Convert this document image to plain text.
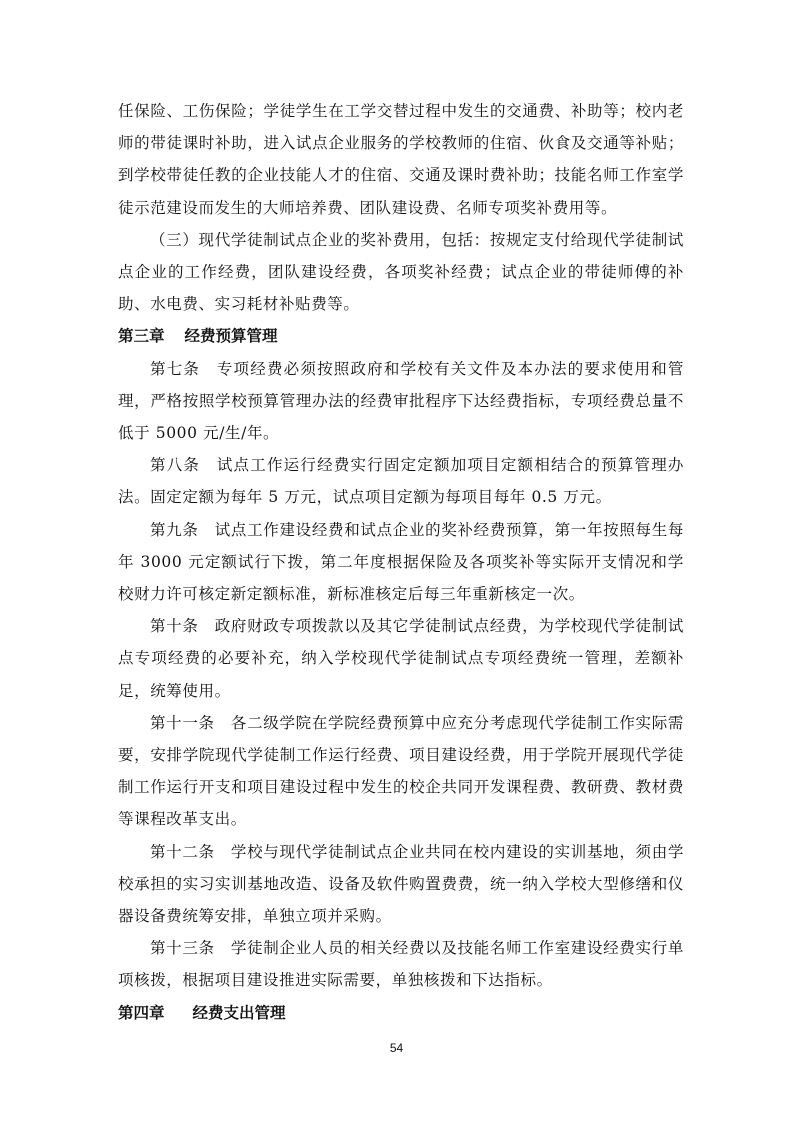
任保险、工伤保险；学徒学生在工学交替过程中发生的交通费、补助等；校内老师的带徒课时补助，进入试点企业服务的学校教师的住宿、伙食及交通等补贴；到学校带徒任教的企业技能人才的住宿、交通及课时费补助；技能名师工作室学徒示范建设而发生的大师培养费、团队建设费、名师专项奖补费用等。

（三）现代学徒制试点企业的奖补费用，包括：按规定支付给现代学徒制试点企业的工作经费，团队建设经费，各项奖补经费；试点企业的带徒师傅的补助、水电费、实习耗材补贴费等。

第三章 经费预算管理

第七条　专项经费必须按照政府和学校有关文件及本办法的要求使用和管理，严格按照学校预算管理办法的经费审批程序下达经费指标，专项经费总量不低于 5000 元/生/年。

第八条　试点工作运行经费实行固定定额加项目定额相结合的预算管理办法。固定定额为每年 5 万元，试点项目定额为每项目每年 0.5 万元。

第九条　试点工作建设经费和试点企业的奖补经费预算，第一年按照每生每年 3000 元定额试行下拨，第二年度根据保险及各项奖补等实际开支情况和学校财力许可核定新定额标准，新标准核定后每三年重新核定一次。

第十条　政府财政专项拨款以及其它学徒制试点经费，为学校现代学徒制试点专项经费的必要补充，纳入学校现代学徒制试点专项经费统一管理，差额补足，统筹使用。

第十一条　各二级学院在学院经费预算中应充分考虑现代学徒制工作实际需要，安排学院现代学徒制工作运行经费、项目建设经费，用于学院开展现代学徒制工作运行开支和项目建设过程中发生的校企共同开发课程费、教研费、教材费等课程改革支出。

第十二条　学校与现代学徒制试点企业共同在校内建设的实训基地，须由学校承担的实习实训基地改造、设备及软件购置费费，统一纳入学校大型修缮和仪器设备费统筹安排，单独立项并采购。

第十三条　学徒制企业人员的相关经费以及技能名师工作室建设经费实行单项核拨，根据项目建设推进实际需要，单独核拨和下达指标。

第四章 经费支出管理

54
